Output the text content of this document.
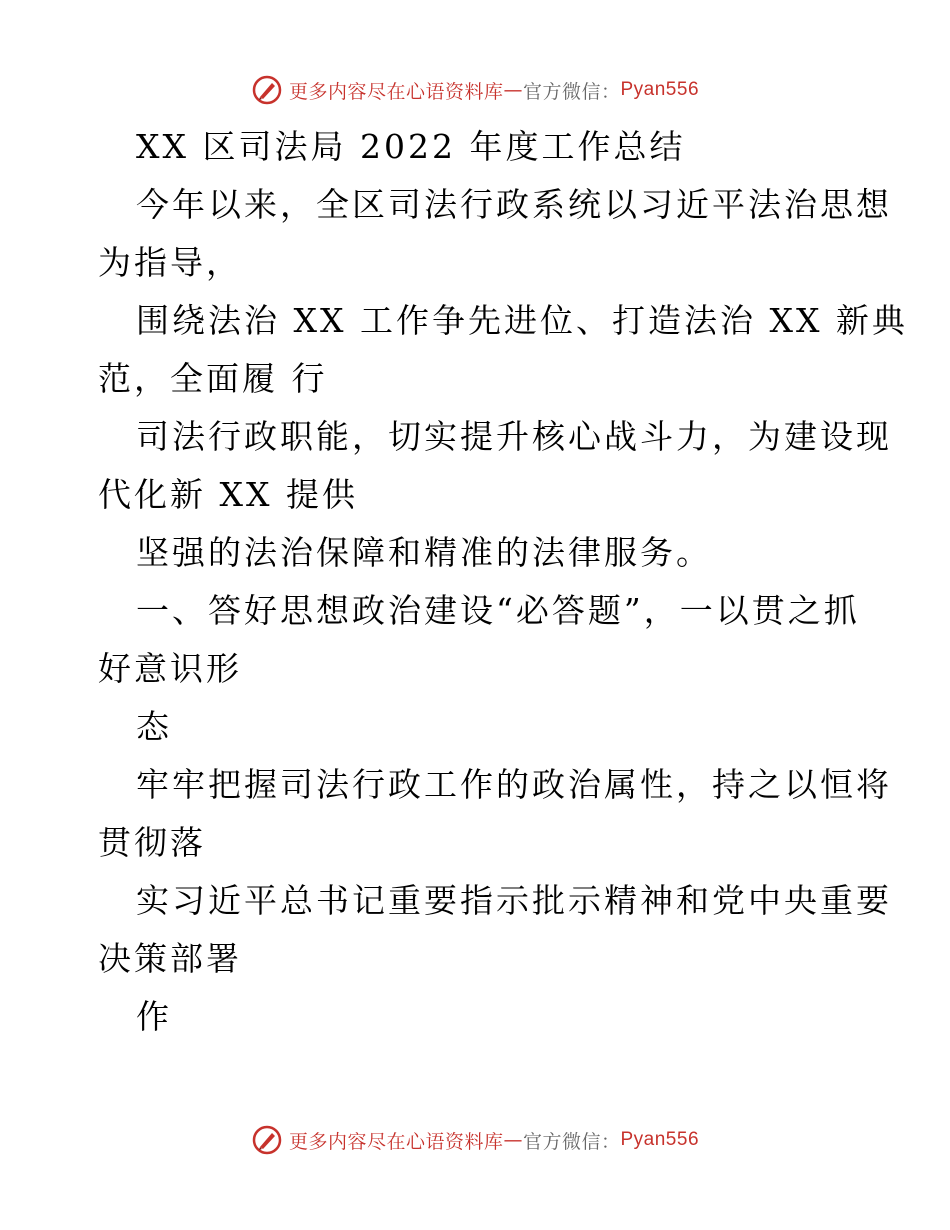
更多内容尽在心语资料库 — 官方微信： Pyan556
XX 区司法局 2022 年度工作总结
今年以来，全区司法行政系统以习近平法治思想
为指导，
围绕法治 XX 工作争先进位、打造法治 XX 新典
范，全面履 行
司法行政职能，切实提升核心战斗力，为建设现
代化新 XX 提供
坚强的法治保障和精准的法律服务。
一、答好思想政治建设“必答题”，一以贯之抓
好意识形
态
牢牢把握司法行政工作的政治属性，持之以恒将
贯彻落
实习近平总书记重要指示批示精神和党中央重要
决策部署
作
更多内容尽在心语资料库 — 官方微信： Pyan556
